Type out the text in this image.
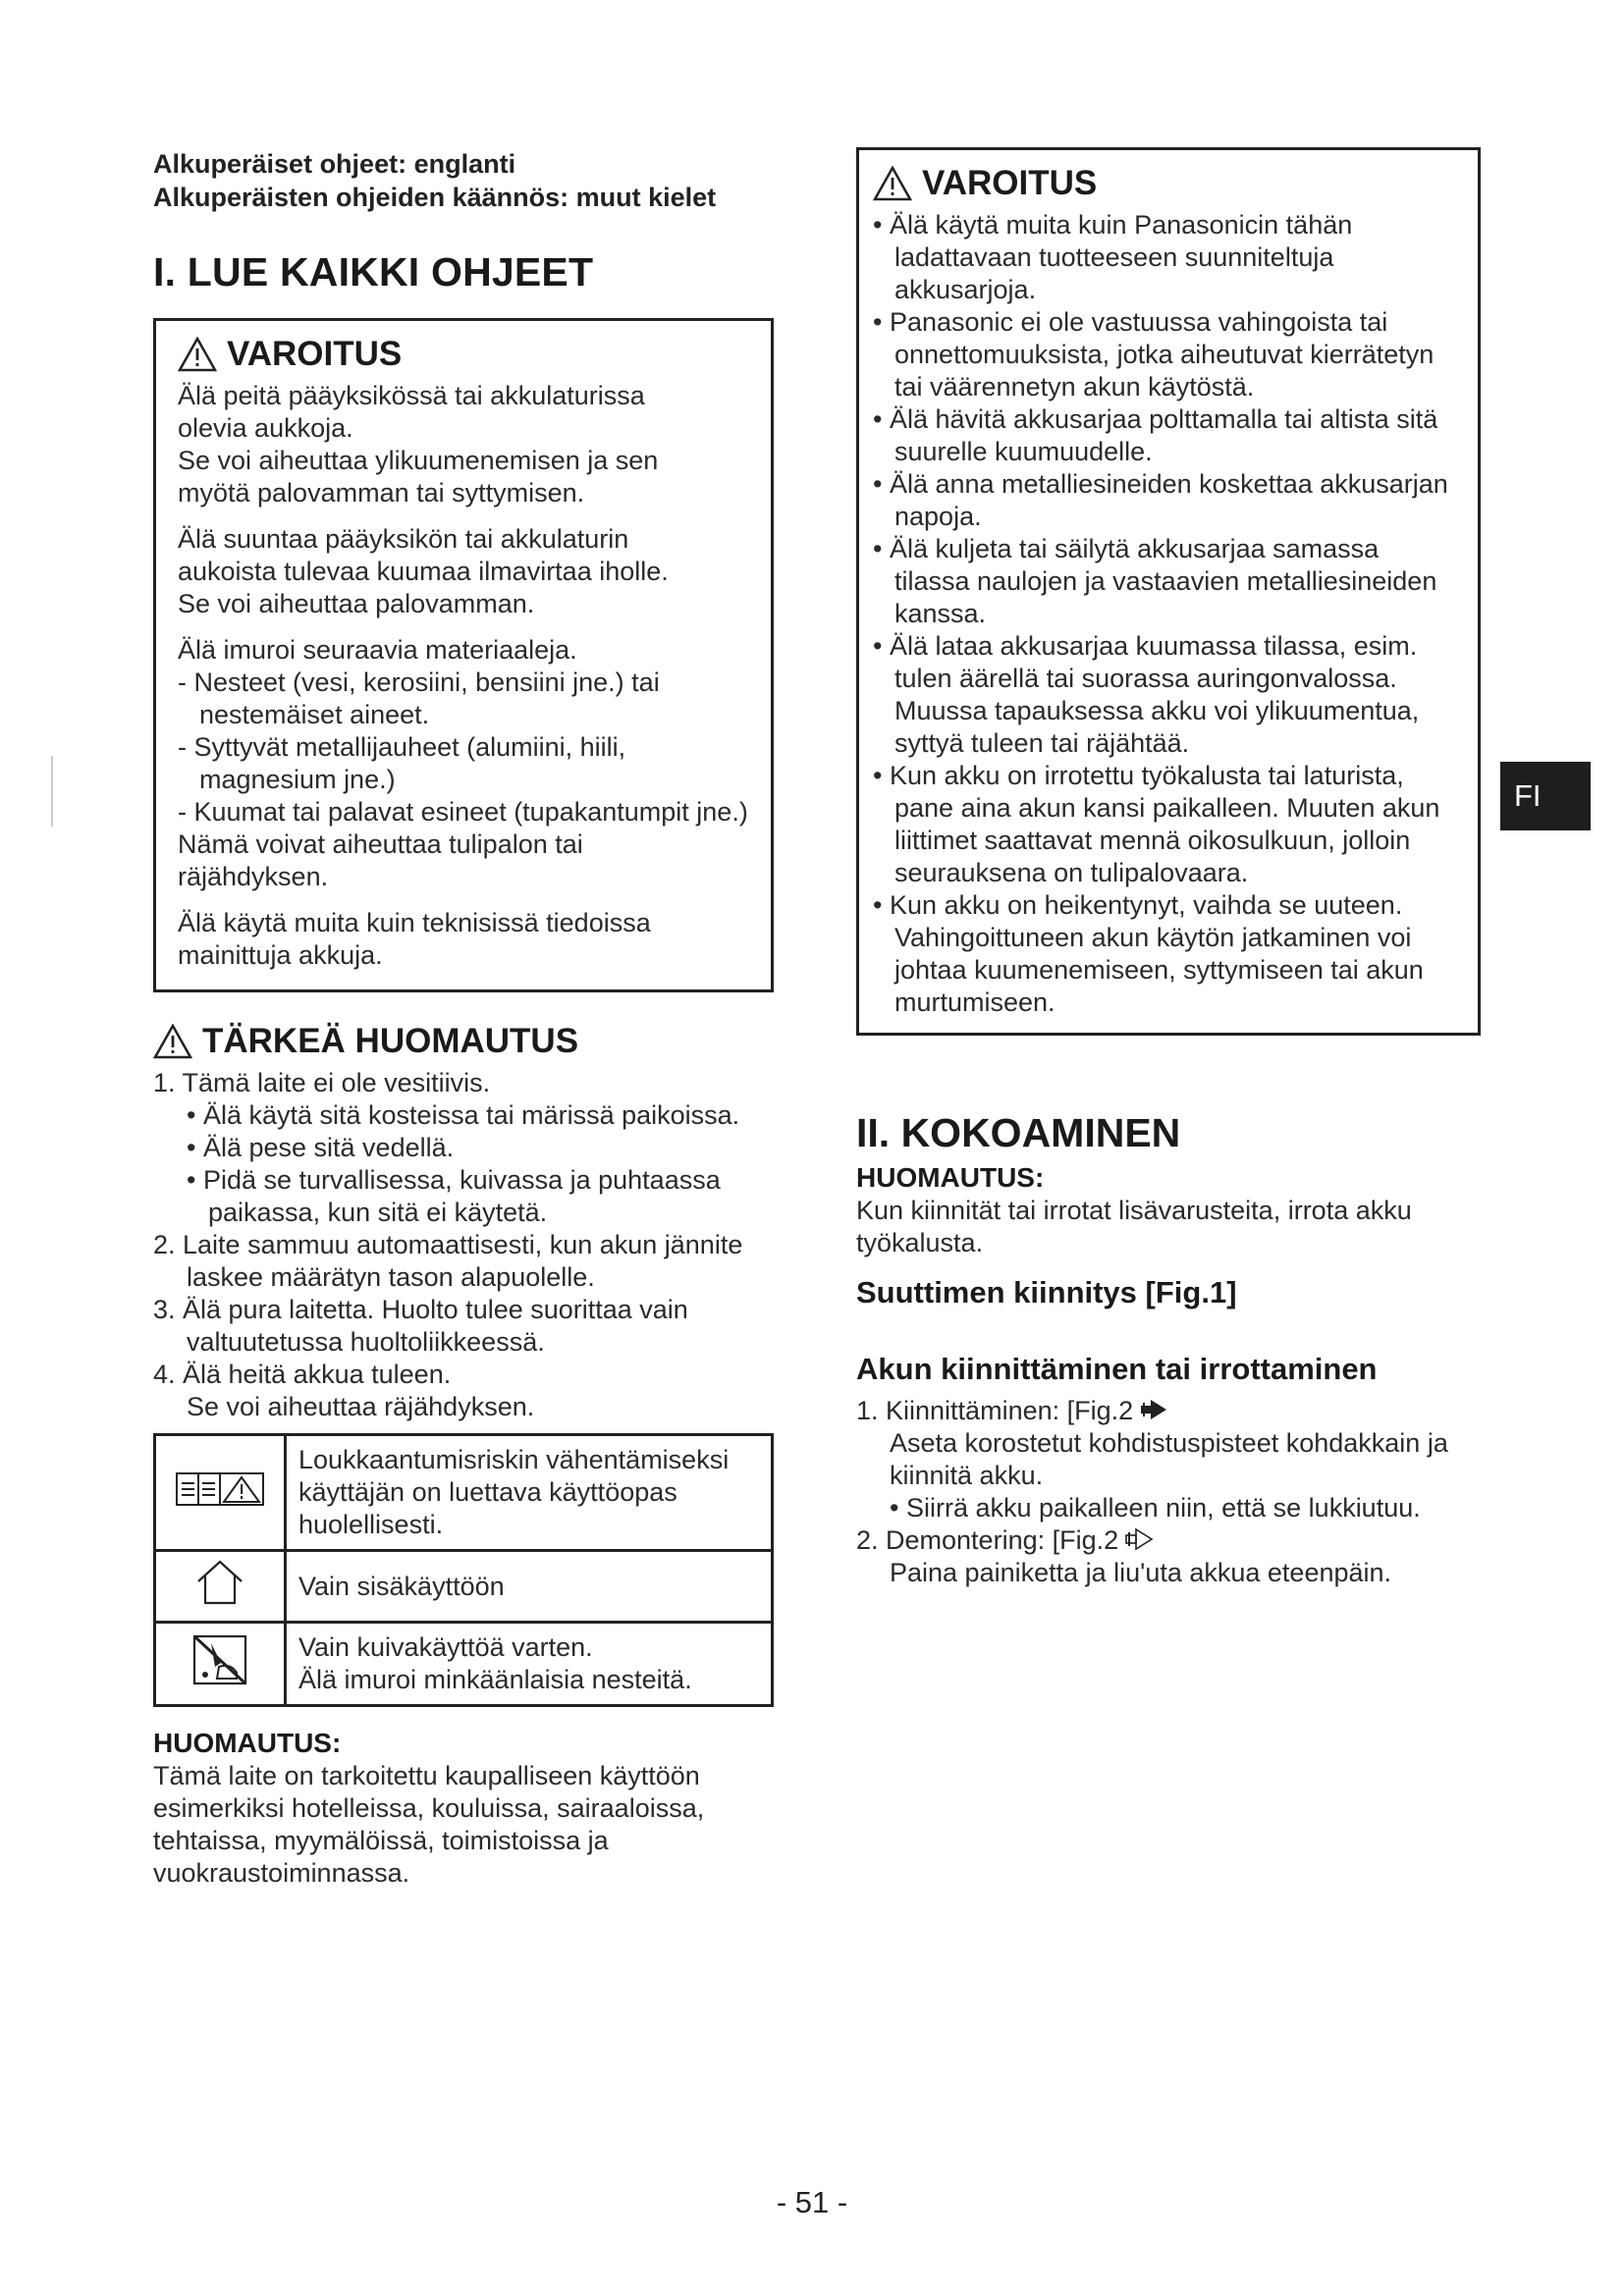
Alkuperäiset ohjeet: englanti
Alkuperäisten ohjeiden käännös: muut kielet
I. LUE KAIKKI OHJEET
VAROITUS

Älä peitä pääyksikössä tai akkulaturissa

olevia aukkoja.

Se voi aiheuttaa ylikuumenemisen ja sen

myötä palovamman tai syttymisen.

Älä suuntaa pääyksikön tai akkulaturin

aukoista tulevaa kuumaa ilmavirtaa iholle.

Se voi aiheuttaa palovamman.

Älä imuroi seuraavia materiaaleja.

- Nesteet (vesi, kerosiini, bensiini jne.) tai nestemäiset aineet.

- Syttyvät metallijauheet (alumiini, hiili, magnesium jne.)

- Kuumat tai palavat esineet (tupakantumpit jne.)

Nämä voivat aiheuttaa tulipalon tai

räjähdyksen.

Älä käytä muita kuin teknisissä tiedoissa

mainittuja akkuja.

TÄRKEÄ HUOMAUTUS

1. Tämä laite ei ole vesitiivis.

• Älä käytä sitä kosteissa tai märissä paikoissa.

• Älä pese sitä vedellä.

• Pidä se turvallisessa, kuivassa ja puhtaassa paikassa, kun sitä ei käytetä.

2. Laite sammuu automaattisesti, kun akun jännite laskee määrätyn tason alapuolelle.

3. Älä pura laitetta. Huolto tulee suorittaa vain valtuutetussa huoltoliikkeessä.

4. Älä heitä akkua tuleen.

Se voi aiheuttaa räjähdyksen.

	Loukkaantumisriskin vähentämiseksi käyttäjän on luettava käyttöopas huolellisesti.
	Vain sisäkäyttöön

Vain kuivakäyttöä varten.
Älä imuroi minkäänlaisia nesteitä.
HUOMAUTUS:

Tämä laite on tarkoitettu kaupalliseen käyttöön esimerkiksi hotelleissa, kouluissa, sairaaloissa, tehtaissa, myymälöissä, toimistoissa ja vuokraustoiminnassa.

VAROITUS

• Älä käytä muita kuin Panasonicin tähän ladattavaan tuotteeseen suunniteltuja akkusarjoja.

• Panasonic ei ole vastuussa vahingoista tai onnettomuuksista, jotka aiheutuvat kierrätetyn tai väärennetyn akun käytöstä.

• Älä hävitä akkusarjaa polttamalla tai altista sitä suurelle kuumuudelle.

• Älä anna metalliesineiden koskettaa akkusarjan napoja.

• Älä kuljeta tai säilytä akkusarjaa samassa tilassa naulojen ja vastaavien metalliesineiden kanssa.

• Älä lataa akkusarjaa kuumassa tilassa, esim. tulen äärellä tai suorassa auringonvalossa. Muussa tapauksessa akku voi ylikuumentua, syttyä tuleen tai räjähtää.

• Kun akku on irrotettu työkalusta tai laturista, pane aina akun kansi paikalleen. Muuten akun liittimet saattavat mennä oikosulkuun, jolloin seurauksena on tulipalovaara.

• Kun akku on heikentynyt, vaihda se uuteen. Vahingoittuneen akun käytön jatkaminen voi johtaa kuumenemiseen, syttymiseen tai akun murtumiseen.

II. KOKOAMINEN
HUOMAUTUS:

Kun kiinnität tai irrotat lisävarusteita, irrota akku työkalusta.

Suuttimen kiinnitys [Fig.1]
Akun kiinnittäminen tai irrottaminen

1. Kiinnittäminen: [Fig.2

Aseta korostetut kohdistuspisteet kohdakkain ja kiinnitä akku.

• Siirrä akku paikalleen niin, että se lukkiutuu.

2. Demontering: [Fig.2

Paina painiketta ja liu'uta akkua eteenpäin.

FI
- 51 -
